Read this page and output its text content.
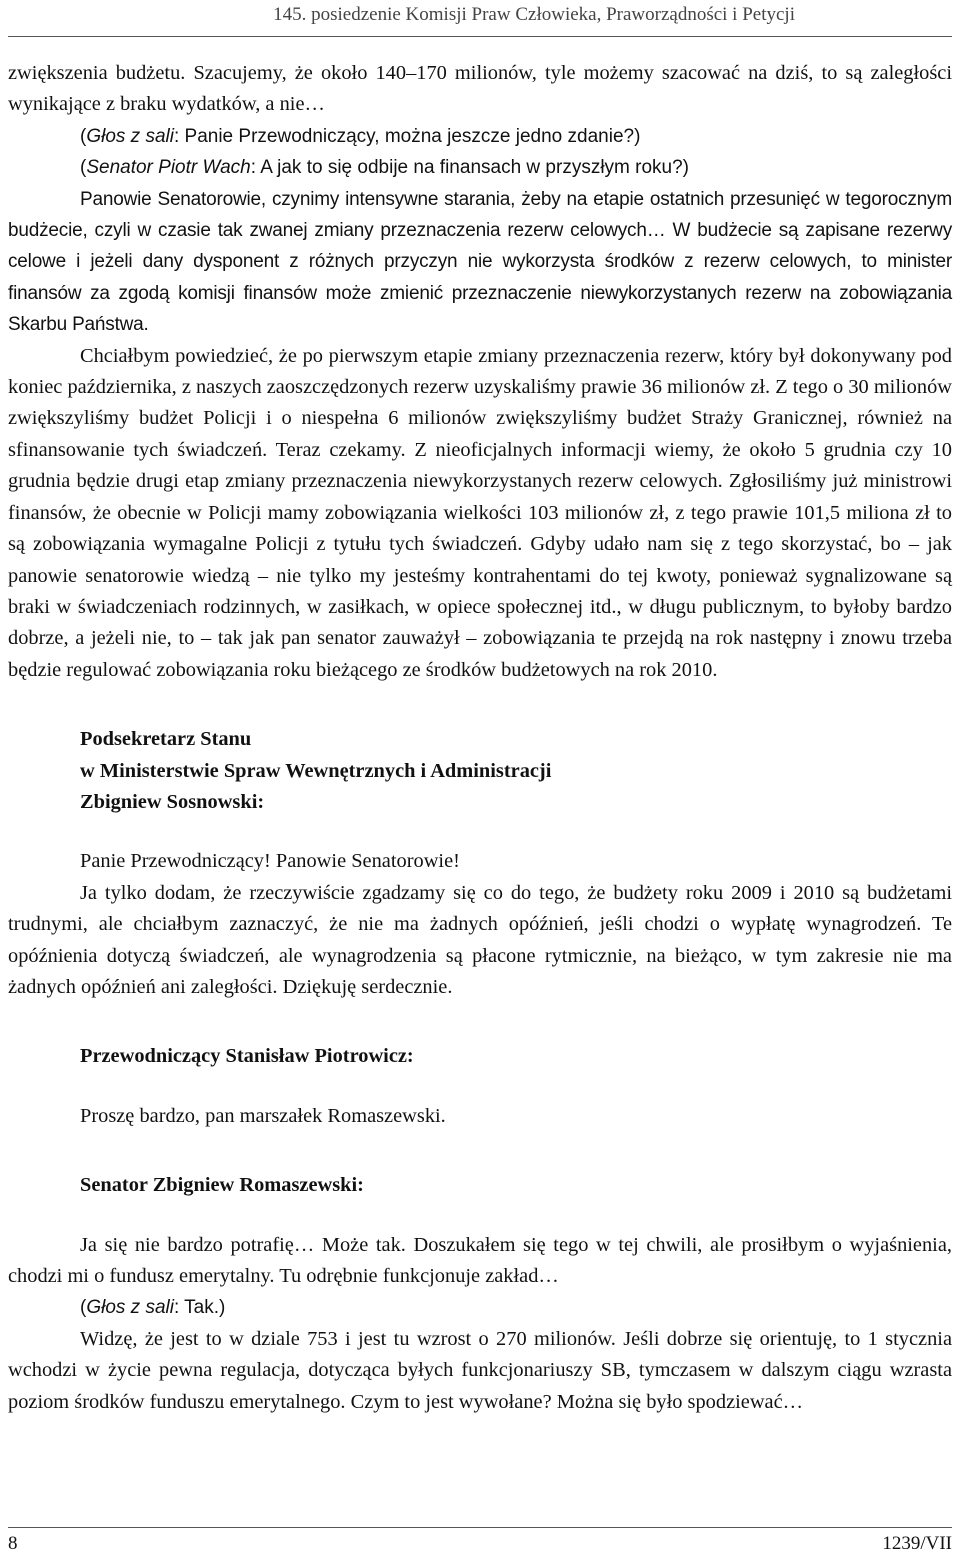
145. posiedzenie Komisji Praw Człowieka, Praworządności i Petycji

zwiększenia budżetu. Szacujemy, że około 140–170 milionów, tyle możemy szacować na dziś, to są zaległości wynikające z braku wydatków, a nie…

(Głos z sali: Panie Przewodniczący, można jeszcze jedno zdanie?)

(Senator Piotr Wach: A jak to się odbije na finansach w przyszłym roku?)

Panowie Senatorowie, czynimy intensywne starania, żeby na etapie ostatnich przesunięć w tegorocznym budżecie, czyli w czasie tak zwanej zmiany przeznaczenia rezerw celowych… W budżecie są zapisane rezerwy celowe i jeżeli dany dysponent z różnych przyczyn nie wykorzysta środków z rezerw celowych, to minister finansów za zgodą komisji finansów może zmienić przeznaczenie niewykorzystanych rezerw na zobowiązania Skarbu Państwa.

Chciałbym powiedzieć, że po pierwszym etapie zmiany przeznaczenia rezerw, który był dokonywany pod koniec października, z naszych zaoszczędzonych rezerw uzyskaliśmy prawie 36 milionów zł. Z tego o 30 milionów zwiększyliśmy budżet Policji i o niespełna 6 milionów zwiększyliśmy budżet Straży Granicznej, również na sfinansowanie tych świadczeń. Teraz czekamy. Z nieoficjalnych informacji wiemy, że około 5 grudnia czy 10 grudnia będzie drugi etap zmiany przeznaczenia niewykorzystanych rezerw celowych. Zgłosiliśmy już ministrowi finansów, że obecnie w Policji mamy zobowiązania wielkości 103 milionów zł, z tego prawie 101,5 miliona zł to są zobowiązania wymagalne Policji z tytułu tych świadczeń. Gdyby udało nam się z tego skorzystać, bo – jak panowie senatorowie wiedzą – nie tylko my jesteśmy kontrahentami do tej kwoty, ponieważ sygnalizowane są braki w świadczeniach rodzinnych, w zasiłkach, w opiece społecznej itd., w długu publicznym, to byłoby bardzo dobrze, a jeżeli nie, to – tak jak pan senator zauważył – zobowiązania te przejdą na rok następny i znowu trzeba będzie regulować zobowiązania roku bieżącego ze środków budżetowych na rok 2010.

Podsekretarz Stanu

w Ministerstwie Spraw Wewnętrznych i Administracji

Zbigniew Sosnowski:

Panie Przewodniczący! Panowie Senatorowie!

Ja tylko dodam, że rzeczywiście zgadzamy się co do tego, że budżety roku 2009 i 2010 są budżetami trudnymi, ale chciałbym zaznaczyć, że nie ma żadnych opóźnień, jeśli chodzi o wypłatę wynagrodzeń. Te opóźnienia dotyczą świadczeń, ale wynagrodzenia są płacone rytmicznie, na bieżąco, w tym zakresie nie ma żadnych opóźnień ani zaległości. Dziękuję serdecznie.

Przewodniczący Stanisław Piotrowicz:

Proszę bardzo, pan marszałek Romaszewski.

Senator Zbigniew Romaszewski:

Ja się nie bardzo potrafię… Może tak. Doszukałem się tego w tej chwili, ale prosiłbym o wyjaśnienia, chodzi mi o fundusz emerytalny. Tu odrębnie funkcjonuje zakład…

(Głos z sali: Tak.)

Widzę, że jest to w dziale 753 i jest tu wzrost o 270 milionów. Jeśli dobrze się orientuję, to 1 stycznia wchodzi w życie pewna regulacja, dotycząca byłych funkcjonariuszy SB, tymczasem w dalszym ciągu wzrasta poziom środków funduszu emerytalnego. Czym to jest wywołane? Można się było spodziewać…

8	1239/VII
